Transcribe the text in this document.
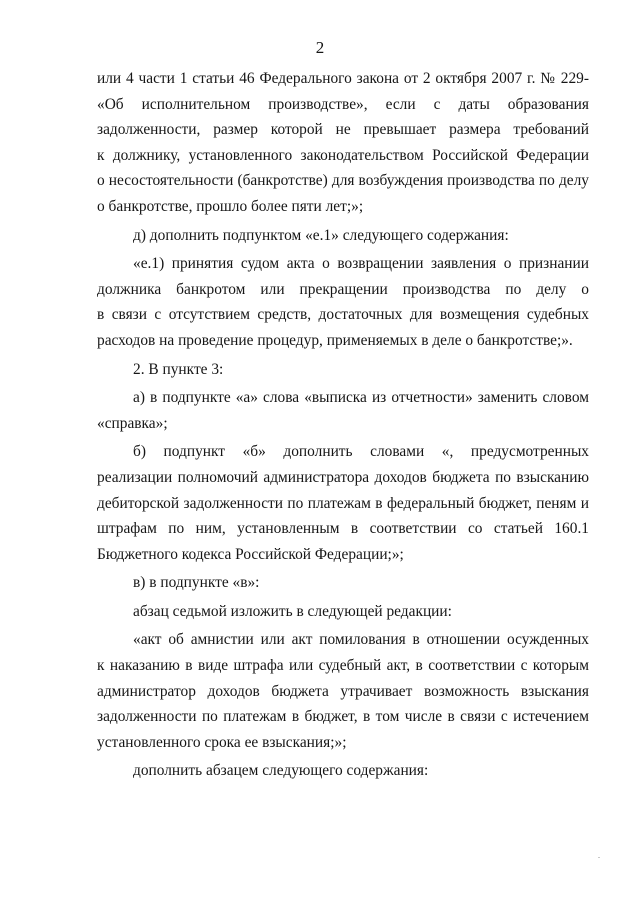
2
или 4 части 1 статьи 46 Федерального закона от 2 октября 2007 г. № 229-
«Об исполнительном производстве», если с даты образования
задолженности, размер которой не превышает размера требований
к должнику, установленного законодательством Российской Федерации
о несостоятельности (банкротстве) для возбуждения производства по делу
о банкротстве, прошло более пяти лет;»;
д) дополнить подпунктом «е.1» следующего содержания:
«е.1) принятия судом акта о возвращении заявления о признании
должника банкротом или прекращении производства по делу о
в связи с отсутствием средств, достаточных для возмещения судебных
расходов на проведение процедур, применяемых в деле о банкротстве;».
2. В пункте 3:
а) в подпункте «а» слова «выписка из отчетности» заменить словом
«справка»;
б) подпункт «б» дополнить словами «, предусмотренных
реализации полномочий администратора доходов бюджета по взысканию
дебиторской задолженности по платежам в федеральный бюджет, пеням и
штрафам по ним, установленным в соответствии со статьей 160.1
Бюджетного кодекса Российской Федерации;»;
в) в подпункте «в»:
абзац седьмой изложить в следующей редакции:
«акт об амнистии или акт помилования в отношении осужденных
к наказанию в виде штрафа или судебный акт, в соответствии с которым
администратор доходов бюджета утрачивает возможность взыскания
задолженности по платежам в бюджет, в том числе в связи с истечением
установленного срока ее взыскания;»;
дополнить абзацем следующего содержания:
